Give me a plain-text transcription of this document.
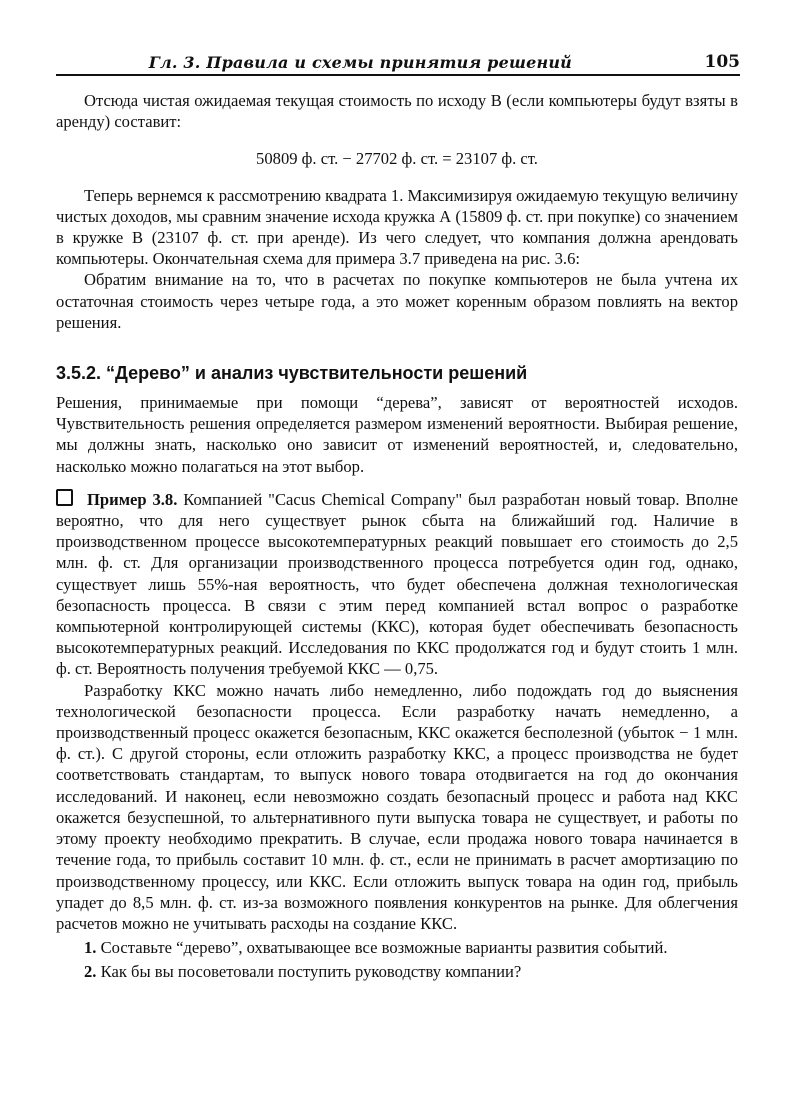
Гл. 3. Правила и схемы принятия решений	105

Отсюда чистая ожидаемая текущая стоимость по исходу В (если компьютеры будут взяты в аренду) составит:

50809 ф. ст. − 27702 ф. ст. = 23107 ф. ст.

Теперь вернемся к рассмотрению квадрата 1. Максимизируя ожидаемую текущую величину чистых доходов, мы сравним значение исхода кружка А (15809 ф. ст. при покупке) со значением в кружке В (23107 ф. ст. при аренде). Из чего следует, что компания должна арендовать компьютеры. Окончательная схема для примера 3.7 приведена на рис. 3.6:

Обратим внимание на то, что в расчетах по покупке компьютеров не была учтена их остаточная стоимость через четыре года, а это может коренным образом повлиять на вектор решения.

3.5.2. “Дерево” и анализ чувствительности решений

Решения, принимаемые при помощи “дерева”, зависят от вероятностей исходов. Чувствительность решения определяется размером изменений вероятности. Выбирая решение, мы должны знать, насколько оно зависит от изменений вероятностей, и, следовательно, насколько можно полагаться на этот выбор.

Пример 3.8. Компанией "Cacus Chemical Company" был разработан новый товар. Вполне вероятно, что для него существует рынок сбыта на ближайший год. Наличие в производственном процессе высокотемпературных реакций повышает его стоимость до 2,5 млн. ф. ст. Для организации производственного процесса потребуется один год, однако, существует лишь 55%-ная вероятность, что будет обеспечена должная технологическая безопасность процесса. В связи с этим перед компанией встал вопрос о разработке компьютерной контролирующей системы (ККС), которая будет обеспечивать безопасность высокотемпературных реакций. Исследования по ККС продолжатся год и будут стоить 1 млн. ф. ст. Вероятность получения требуемой ККС — 0,75.

Разработку ККС можно начать либо немедленно, либо подождать год до выяснения технологической безопасности процесса. Если разработку начать немедленно, а производственный процесс окажется безопасным, ККС окажется бесполезной (убыток − 1 млн. ф. ст.). С другой стороны, если отложить разработку ККС, а процесс производства не будет соответствовать стандартам, то выпуск нового товара отодвигается на год до окончания исследований. И наконец, если невозможно создать безопасный процесс и работа над ККС окажется безуспешной, то альтернативного пути выпуска товара не существует, и работы по этому проекту необходимо прекратить. В случае, если продажа нового товара начинается в течение года, то прибыль составит 10 млн. ф. ст., если не принимать в расчет амортизацию по производственному процессу, или ККС. Если отложить выпуск товара на один год, прибыль упадет до 8,5 млн. ф. ст. из-за возможного появления конкурентов на рынке. Для облегчения расчетов можно не учитывать расходы на создание ККС.

1. Составьте “дерево”, охватывающее все возможные варианты развития событий.

2. Как бы вы посоветовали поступить руководству компании?
